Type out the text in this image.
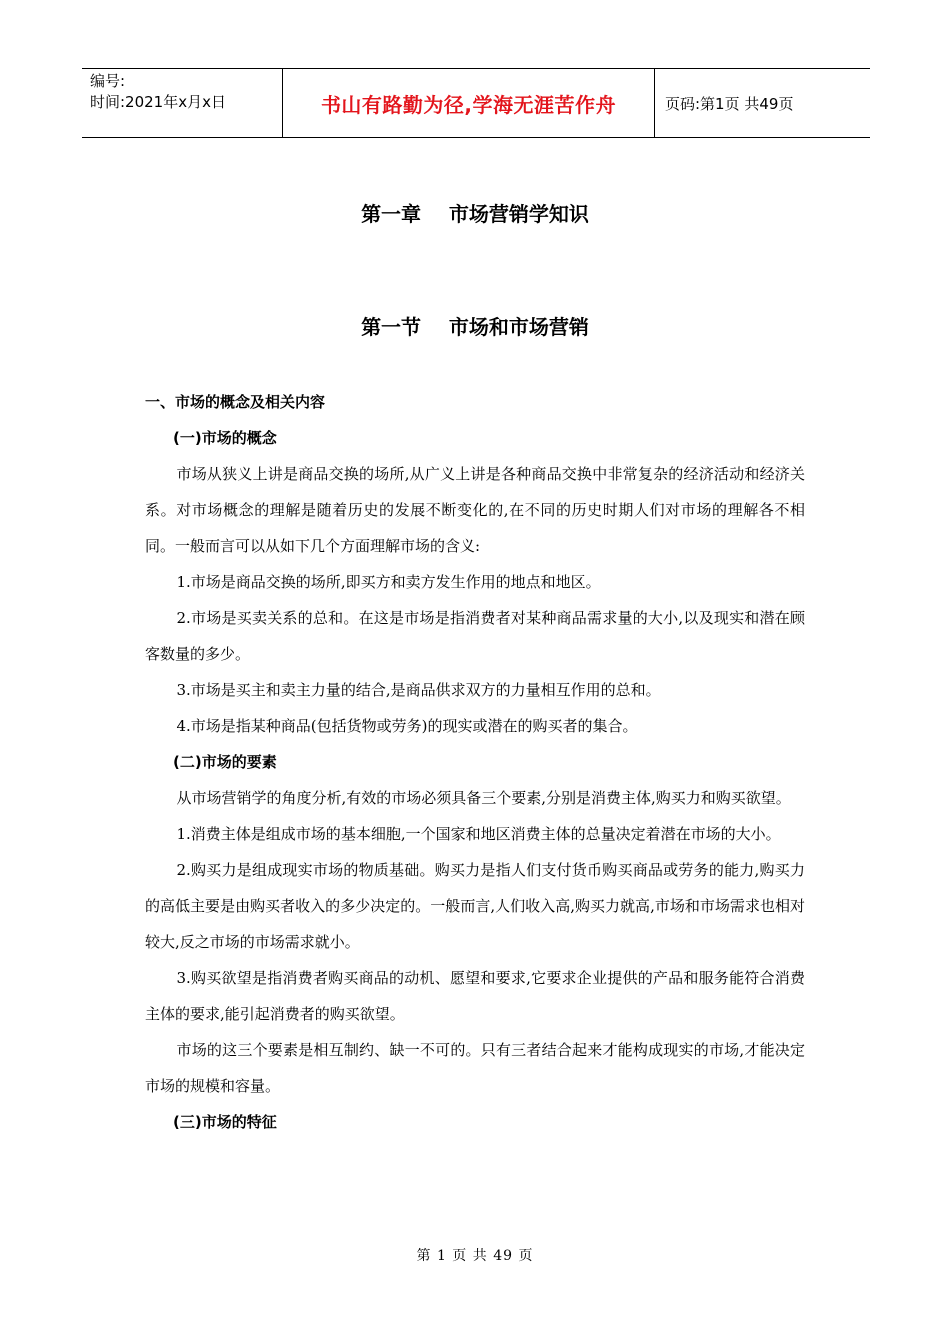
编号:
时间:2021年x月x日	书山有路勤为径,学海无涯苦作舟	页码:第1页 共49页
第一章    市场营销学知识
第一节    市场和市场营销
一、市场的概念及相关内容
(一)市场的概念

市场从狭义上讲是商品交换的场所,从广义上讲是各种商品交换中非常复杂的经济活动和经济关系。对市场概念的理解是随着历史的发展不断变化的,在不同的历史时期人们对市场的理解各不相同。一般而言可以从如下几个方面理解市场的含义:

1.市场是商品交换的场所,即买方和卖方发生作用的地点和地区。

2.市场是买卖关系的总和。在这是市场是指消费者对某种商品需求量的大小,以及现实和潜在顾客数量的多少。

3.市场是买主和卖主力量的结合,是商品供求双方的力量相互作用的总和。

4.市场是指某种商品(包括货物或劳务)的现实或潜在的购买者的集合。

(二)市场的要素

从市场营销学的角度分析,有效的市场必须具备三个要素,分别是消费主体,购买力和购买欲望。

1.消费主体是组成市场的基本细胞,一个国家和地区消费主体的总量决定着潜在市场的大小。

2.购买力是组成现实市场的物质基础。购买力是指人们支付货币购买商品或劳务的能力,购买力的高低主要是由购买者收入的多少决定的。一般而言,人们收入高,购买力就高,市场和市场需求也相对较大,反之市场的市场需求就小。

3.购买欲望是指消费者购买商品的动机、愿望和要求,它要求企业提供的产品和服务能符合消费主体的要求,能引起消费者的购买欲望。

市场的这三个要素是相互制约、缺一不可的。只有三者结合起来才能构成现实的市场,才能决定市场的规模和容量。

(三)市场的特征
第 1 页 共 49 页
